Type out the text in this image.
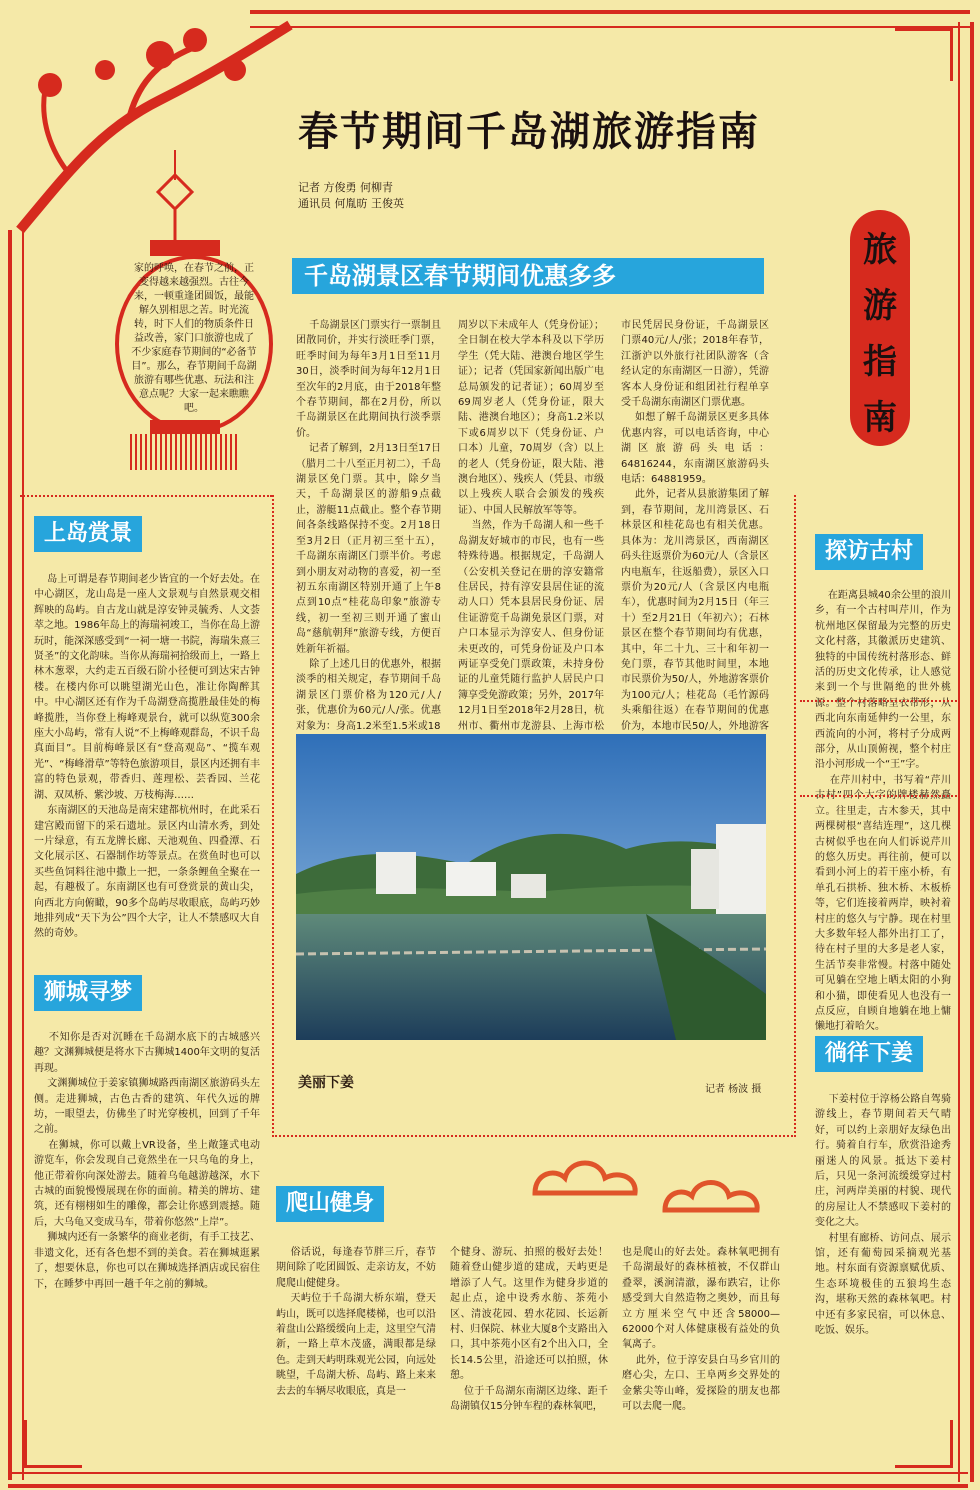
春节期间千岛湖旅游指南
记者 方俊勇 何柳青
通讯员 何胤昉 王俊英
旅
游
指
南
家的呼唤，在春节之前，正变得越来越强烈。古往今来，一顿重逢团圆饭，最能解久别相思之苦。时光流转，时下人们的物质条件日益改善，家门口旅游也成了不少家庭春节期间的“必备节目”。那么，春节期间千岛湖旅游有哪些优惠、玩法和注意点呢？大家一起来瞧瞧吧。
千岛湖景区春节期间优惠多多
千岛湖景区门票实行一票制且团散同价，并实行淡旺季门票，旺季时间为每年3月1日至11月30日，淡季时间为每年12月1日至次年的2月底，由于2018年整个春节期间，都在2月份，所以千岛湖景区在此期间执行淡季票价。
记者了解到，2月13日至17日（腊月二十八至正月初二），千岛湖景区免门票。其中，除夕当天，千岛湖景区的游船9点截止，游艇11点截止。整个春节期间各条线路保持不变。2月18日至3月2日（正月初三至十五），千岛湖东南湖区门票半价。考虑到小朋友对动物的喜爱，初一至初五东南湖区特别开通了上午8点到10点“桂花岛印象”旅游专线，初一至初三则开通了蜜山岛“慈航朝拜”旅游专线，方便百姓新年祈福。
除了上述几日的优惠外，根据淡季的相关规定，春节期间千岛湖景区门票价格为120元/人/张，优惠价为60元/人/张。优惠对象为：身高1.2米至1.5米或18
周岁以下未成年人（凭身份证）；全日制在校大学本科及以下学历学生（凭大陆、港澳台地区学生证）；记者（凭国家新闻出版广电总局颁发的记者证）；60周岁至69周岁老人（凭身份证，限大陆、港澳台地区）；身高1.2米以下或6周岁以下（凭身份证、户口本）儿童，70周岁（含）以上的老人（凭身份证，限大陆、港澳台地区）、残疾人（凭县、市级以上残疾人联合会颁发的残疾证）、中国人民解放军等等。
当然，作为千岛湖人和一些千岛湖友好城市的市民，也有一些特殊待遇。根据规定，千岛湖人（公安机关登记在册的淳安籍常住居民，持有淳安县居住证的流动人口）凭本县居民身份证、居住证游览千岛湖免景区门票，对户口本显示为淳安人、但身份证未更改的，可凭身份证及户口本两证享受免门票政策，未持身份证的儿童凭随行监护人居民户口簿享受免游政策；另外，2017年12月1日至2018年2月28日，杭州市、衢州市龙游县、上海市松
市民凭居民身份证，千岛湖景区门票40元/人/张；2018年春节，江浙沪以外旅行社团队游客（含经认定的东南湖区一日游），凭游客本人身份证和组团社行程单享受千岛湖东南湖区门票优惠。
如想了解千岛湖景区更多具体优惠内容，可以电话咨询，中心湖区旅游码头电话：64816244，东南湖区旅游码头电话：64881959。
此外，记者从县旅游集团了解到，春节期间，龙川湾景区、石林景区和桂花岛也有相关优惠。具体为：龙川湾景区，西南湖区码头往返票价为60元/人（含景区内电瓶车，往返船费），景区入口票价为20元/人（含景区内电瓶车），优惠时间为2月15日（年三十）至2月21日（年初六）；石林景区在整个春节期间均有优惠，其中，年二十九、三十和年初一免门票，春节其他时间里，本地市民票价为50/人，外地游客票价为100元/人；桂花岛（毛竹源码头乘船往返）在春节期间的优惠价为，本地市民50/人，外地游客
美丽下姜	记者 杨波 摄
上岛赏景
岛上可谓是春节期间老少皆宜的一个好去处。在中心湖区，龙山岛是一座人文景观与自然景观交相辉映的岛屿。自古龙山就是淳安钟灵毓秀、人文荟萃之地。1986年岛上的海瑞祠竣工，当你在岛上游玩时，能深深感受到“一祠一塘一书院，海瑞朱熹三贤圣”的文化韵味。当你从海瑞祠拾级而上，一路上林木葱翠，大约走五百级石阶小径便可到达宋古钟楼。在楼内你可以眺望湖光山色，准让你陶醉其中。中心湖区还有作为千岛湖登高揽胜最佳处的梅峰揽胜，当你登上梅峰观景台，就可以纵览300余座大小岛屿，常有人说“不上梅峰观群岛，不识千岛真面目”。目前梅峰景区有“登高观岛”、“揽车观光”、“梅峰滑草”等特色旅游项目，景区内还拥有丰富的特色景观，带香归、莲理松、芸香园、兰花湖、双凤桥、紫沙坡、万枝梅海……
东南湖区的天池岛是南宋建都杭州时，在此采石建宫殿而留下的采石遗址。景区内山清水秀，到处一片绿意，有五龙牌长廊、天池观鱼、四叠潭、石文化展示区、石器制作坊等景点。在赏鱼时也可以买些鱼饲料往池中撒上一把，一条条鲤鱼全聚在一起，有趣极了。东南湖区也有可登赏景的黄山尖，向西北方向俯瞰，90多个岛屿尽收眼底，岛屿巧妙地排列成“天下为公”四个大字，让人不禁感叹大自然的奇妙。
狮城寻梦
不知你是否对沉睡在千岛湖水底下的古城感兴趣？文渊狮城便是将水下古狮城1400年文明的复活再现。
文渊狮城位于姜家镇狮城路西南湖区旅游码头左侧。走进狮城，古色古香的建筑、年代久远的牌坊，一眼望去，仿佛坐了时光穿梭机，回到了千年之前。
在狮城，你可以戴上VR设备，坐上敞篷式电动游览车，你会发现自己竟然坐在一只乌龟的身上，他正带着你向深处游去。随着乌龟越游越深，水下古城的面貌慢慢展现在你的面前。精美的牌坊、建筑，还有栩栩如生的雕像，都会让你感到震撼。随后，大乌龟又变成马车，带着你悠然“上岸”。
狮城内还有一条繁华的商业老街，有手工技艺、非遗文化，还有各色想不到的美食。若在狮城逛累了，想要休息，你也可以在狮城选择酒店或民宿住下，在睡梦中再回一趟千年之前的狮城。
爬山健身
俗话说，每逢春节胖三斤，春节期间除了吃团圆饭、走亲访友，不妨爬爬山健健身。
天屿位于千岛湖大桥东端，登天屿山，既可以选择爬楼梯，也可以沿着盘山公路缓缓向上走，这里空气清新，一路上草木茂盛，满眼都是绿色。走到天屿明珠观光公园，向远处眺望，千岛湖大桥、岛屿、路上来来去去的车辆尽收眼底，真是一
个健身、游玩、拍照的极好去处！随着登山健步道的建成，天屿更是增添了人气。这里作为健身步道的起止点，途中设秀水舫、茶苑小区、清波花园、碧水花园、长运新村、归保院、林业大厦8个支路出入口，其中茶苑小区有2个出入口，全长14.5公里，沿途还可以拍照，休憩。
位于千岛湖东南湖区边缘、距千岛湖镇仅15分钟车程的森林氧吧，
也是爬山的好去处。森林氧吧拥有千岛湖最好的森林植被，不仅群山叠翠，溪涧清澈，瀑布跌宕，让你感受到大自然造物之奥妙，而且每立方厘米空气中还含58000—62000个对人体健康极有益处的负氧离子。
此外，位于淳安县白马乡官川的磨心尖，左口、王阜两乡交界处的金紫尖等山峰，爱探险的朋友也都可以去爬一爬。
探访古村
在距离县城40余公里的浪川乡，有一个古村叫芹川，作为杭州地区保留最为完整的历史文化村落，其徽派历史建筑、独特的中国传统村落形态、鲜活的历史文化传承，让人感觉来到一个与世隔绝的世外桃源。整个村落略呈衣带形，从西北向东南延伸约一公里，东西流向的小河，将村子分成两部分，从山顶俯视，整个村庄沿小河形成一个“王”字。
在芹川村中，书写着“芹川古村”四个大字的牌楼赫然矗立。往里走，古木参天，其中两棵树根“喜结连理”，这几棵古树似乎也在向人们诉说芹川的悠久历史。再往前，便可以看到小河上的若干座小桥，有单孔石拱桥、独木桥、木板桥等，它们连接着两岸，映衬着村庄的悠久与宁静。现在村里大多数年轻人都外出打工了，待在村子里的大多是老人家，生活节奏非常慢。村落中随处可见躺在空地上晒太阳的小狗和小猫，即使看见人也没有一点反应，自顾自地躺在地上慵懒地打着哈欠。
徜徉下姜
下姜村位于淳杨公路自驾骑游线上，春节期间若天气晴好，可以约上亲朋好友绿色出行。骑着自行车，欣赏沿途秀丽迷人的风景。抵达下姜村后，只见一条河流缓缓穿过村庄，河两岸美丽的村貌、现代的房屋让人不禁感叹下姜村的变化之大。
村里有廊桥、访问点、展示馆，还有葡萄园采摘观光基地。村东面有资源禀赋优质、生态环境极佳的五狼坞生态沟，堪称天然的森林氧吧。村中还有多家民宿，可以休息、吃饭、娱乐。
